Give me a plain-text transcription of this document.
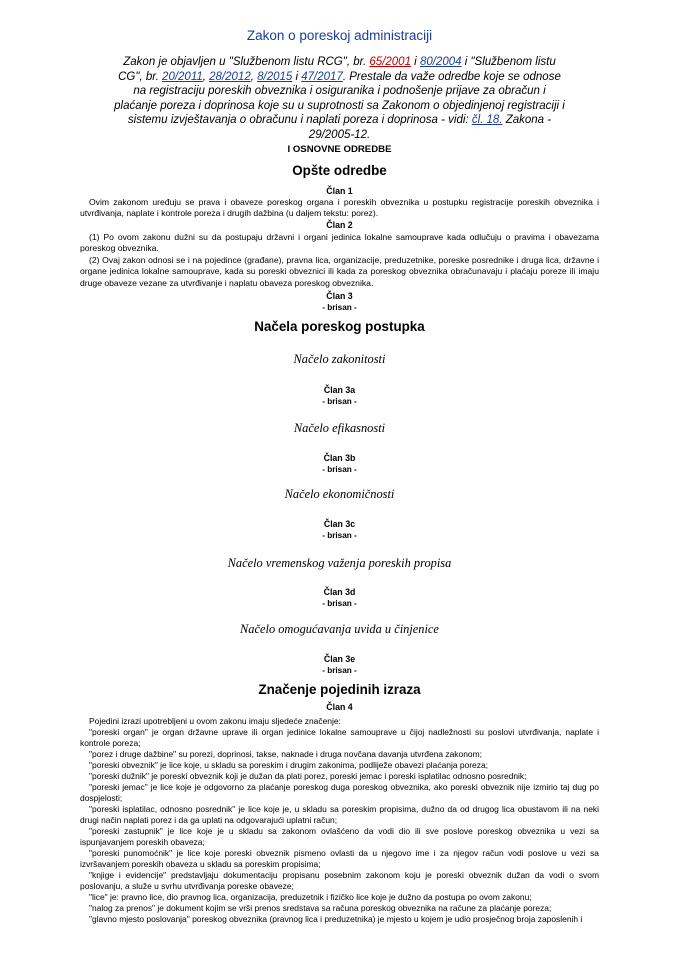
Zakon o poreskoj administraciji
Zakon je objavljen u "Službenom listu RCG", br. 65/2001 i 80/2004 i "Službenom listu CG", br. 20/2011, 28/2012, 8/2015 i 47/2017. Prestale da važe odredbe koje se odnose na registraciju poreskih obveznika i osiguranika i podnošenje prijave za obračun i plaćanje poreza i doprinosa koje su u suprotnosti sa Zakonom o objedinjenoj registraciji i sistemu izvještavanja o obračunu i naplati poreza i doprinosa - vidi: čl. 18. Zakona - 29/2005-12.
I OSNOVNE ODREDBE
Opšte odredbe
Član 1

Ovim zakonom uređuju se prava i obaveze poreskog organa i poreskih obveznika u postupku registracije poreskih obveznika i utvrđivanja, naplate i kontrole poreza i drugih dažbina (u daljem tekstu: porez).

Član 2

(1) Po ovom zakonu dužni su da postupaju državni i organi jedinica lokalne samouprave kada odlučuju o pravima i obavezama poreskog obveznika.

(2) Ovaj zakon odnosi se i na pojedince (građane), pravna lica, organizacije, preduzetnike, poreske posrednike i druga lica, državne i organe jedinica lokalne samouprave, kada su poreski obveznici ili kada za poreskog obveznika obračunavaju i plaćaju poreze ili imaju druge obaveze vezane za utvrđivanje i naplatu obaveza poreskog obveznika.

Član 3
- brisan -
Načela poreskog postupka
Načelo zakonitosti
Član 3a
- brisan -
Načelo efikasnosti
Član 3b
- brisan -
Načelo ekonomičnosti
Član 3c
- brisan -
Načelo vremenskog važenja poreskih propisa
Član 3d
- brisan -
Načelo omogućavanja uvida u činjenice
Član 3e
- brisan -
Značenje pojedinih izraza
Član 4

Pojedini izrazi upotrebljeni u ovom zakonu imaju sljedeće značenje:

"poreski organ" je organ državne uprave ili organ jedinice lokalne samouprave u čijoj nadležnosti su poslovi utvrđivanja, naplate i kontrole poreza;

"porez i druge dažbine" su porezi, doprinosi, takse, naknade i druga novčana davanja utvrđena zakonom;

"poreski obveznik" je lice koje, u skladu sa poreskim i drugim zakonima, podliježe obavezi plaćanja poreza;

"poreski dužnik" je poreski obveznik koji je dužan da plati porez, poreski jemac i poreski isplatilac odnosno posrednik;

"poreski jemac" je lice koje je odgovorno za plaćanje poreskog duga poreskog obveznika, ako poreski obveznik nije izmirio taj dug po dospjelosti;

"poreski isplatilac, odnosno posrednik" je lice koje je, u skladu sa poreskim propisima, dužno da od drugog lica obustavom ili na neki drugi način naplati porez i da ga uplati na odgovarajući uplatni račun;

"poreski zastupnik" je lice koje je u skladu sa zakonom ovlašćeno da vodi dio ili sve poslove poreskog obveznika u vezi sa ispunjavanjem poreskih obaveza;

"poreski punomoćnik" je lice koje poreski obveznik pismeno ovlasti da u njegovo ime i za njegov račun vodi poslove u vezi sa izvršavanjem poreskih obaveza u skladu sa poreskim propisima;

"knjige i evidencije" predstavljaju dokumentaciju propisanu posebnim zakonom koju je poreski obveznik dužan da vodi o svom poslovanju, a služe u svrhu utvrđivanja poreske obaveze;

"lice" je: pravno lice, dio pravnog lica, organizacija, preduzetnik i fizičko lice koje je dužno da postupa po ovom zakonu;

"nalog za prenos" je dokument kojim se vrši prenos sredstava sa računa poreskog obveznika na račune za plaćanje poreza;

"glavno mjesto poslovanja" poreskog obveznika (pravnog lica i preduzetnika) je mjesto u kojem je udio prosječnog broja zaposlenih i
